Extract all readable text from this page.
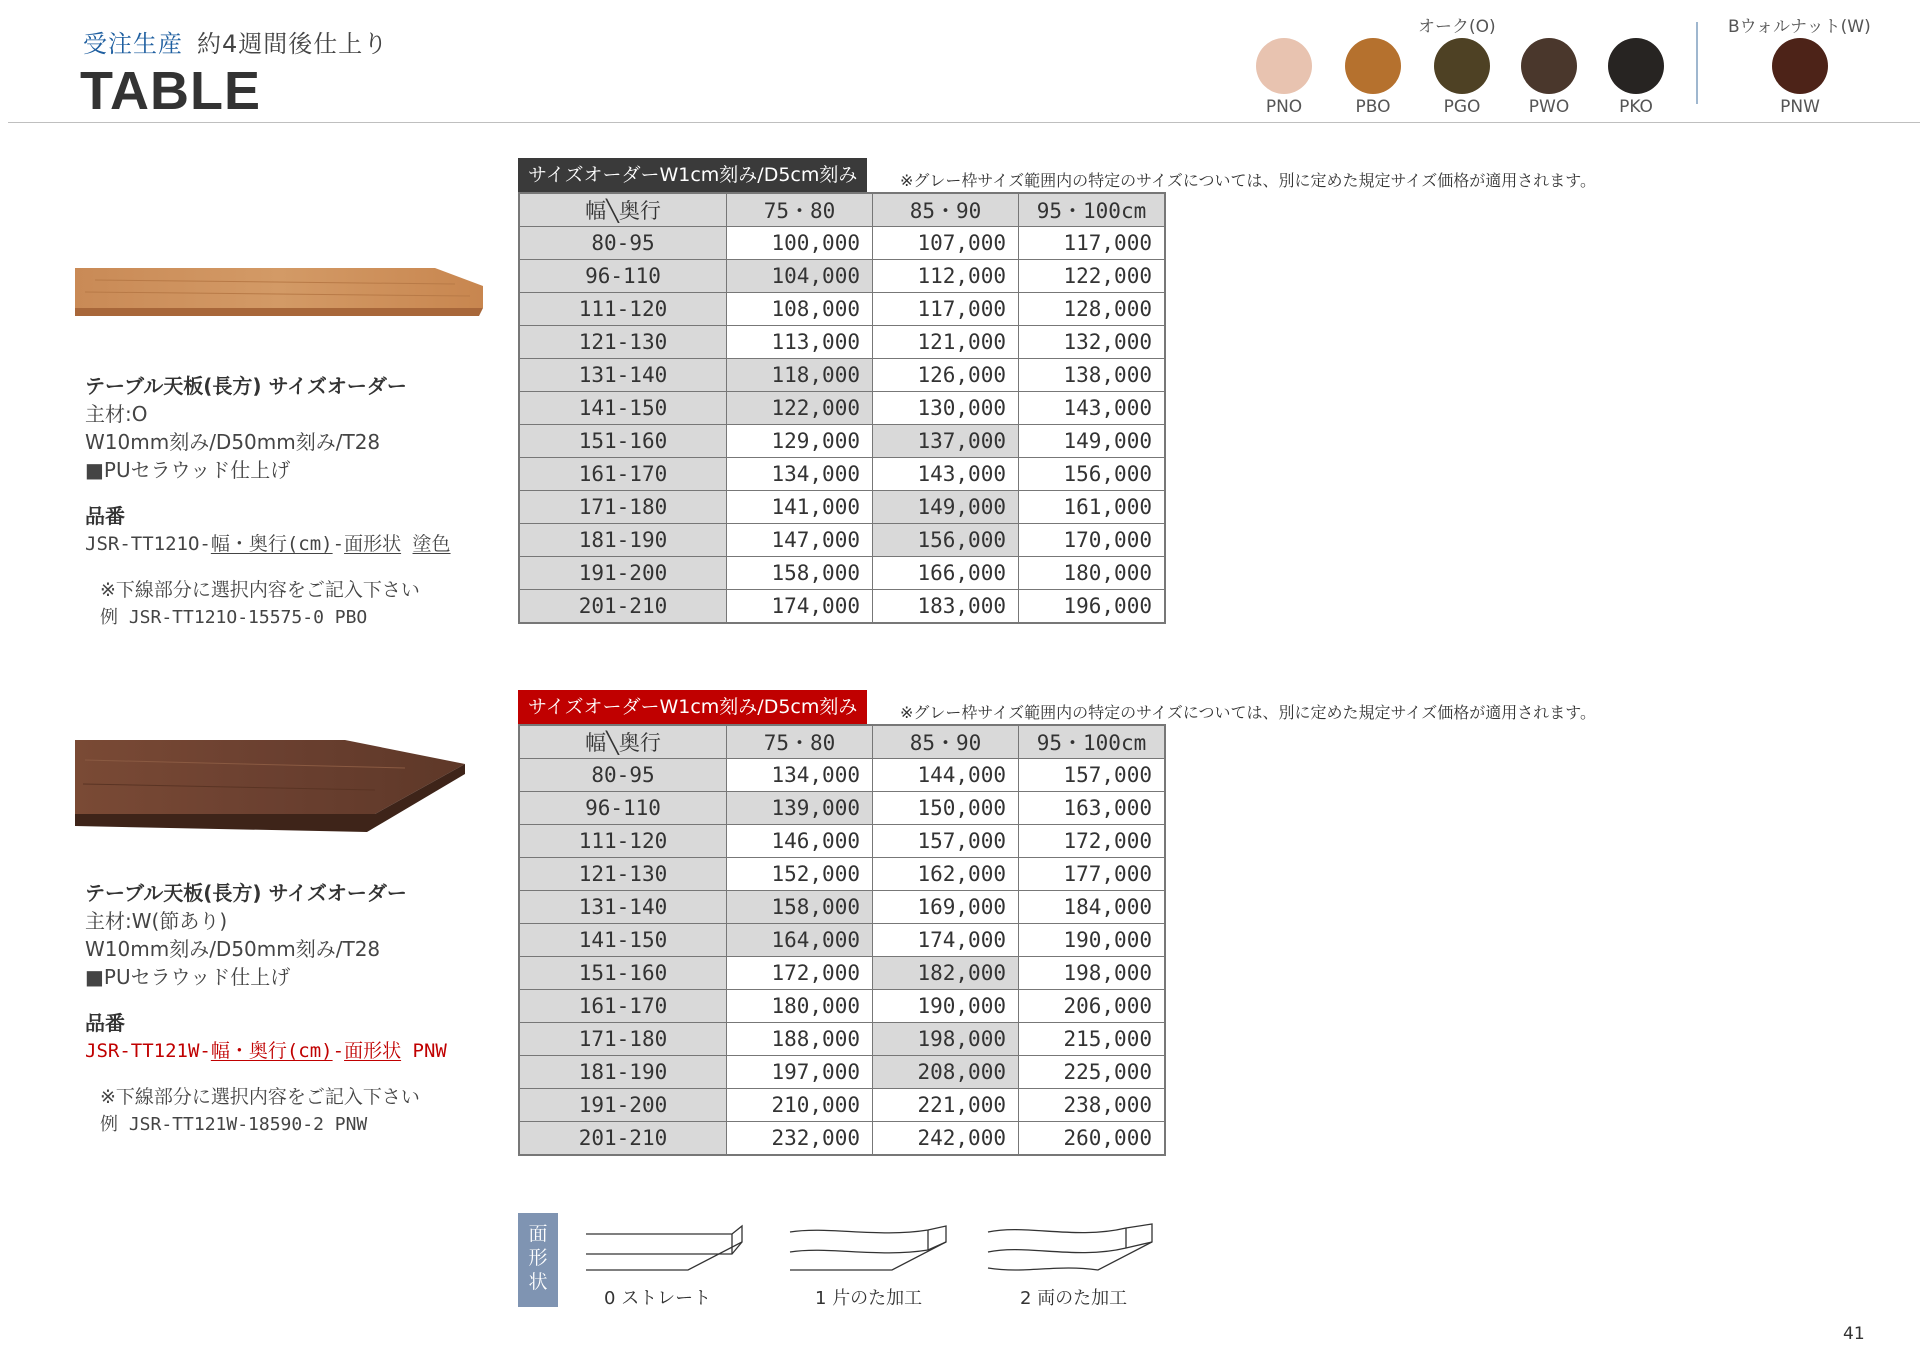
受注生産 約4週間後仕上り
TABLE
オーク(O)	Bウォルナット(W)
PNO	PBO	PGO	PWO	PKO	PNW
テーブル天板(長方) サイズオーダー
主材:O
W10mm刻み/D50mm刻み/T28
■PUセラウッド仕上げ
品番
JSR-TT121O-幅・奥行(cm)-面形状 塗色
※下線部分に選択内容をご記入下さい
例 JSR-TT121O-15575-0 PBO
サイズオーダーW1cm刻み/D5cm刻み	※グレー枠サイズ範囲内の特定のサイズについては、別に定めた規定サイズ価格が適用されます。
幅╲奥行	75・80	85・90	95・100cm
80-95	100,000	107,000	117,000
96-110	104,000	112,000	122,000
111-120	108,000	117,000	128,000
121-130	113,000	121,000	132,000
131-140	118,000	126,000	138,000
141-150	122,000	130,000	143,000
151-160	129,000	137,000	149,000
161-170	134,000	143,000	156,000
171-180	141,000	149,000	161,000
181-190	147,000	156,000	170,000
191-200	158,000	166,000	180,000
201-210	174,000	183,000	196,000
テーブル天板(長方) サイズオーダー
主材:W(節あり)
W10mm刻み/D50mm刻み/T28
■PUセラウッド仕上げ
品番
JSR-TT121W-幅・奥行(cm)-面形状 PNW
※下線部分に選択内容をご記入下さい
例 JSR-TT121W-18590-2 PNW
サイズオーダーW1cm刻み/D5cm刻み	※グレー枠サイズ範囲内の特定のサイズについては、別に定めた規定サイズ価格が適用されます。
幅╲奥行	75・80	85・90	95・100cm
80-95	134,000	144,000	157,000
96-110	139,000	150,000	163,000
111-120	146,000	157,000	172,000
121-130	152,000	162,000	177,000
131-140	158,000	169,000	184,000
141-150	164,000	174,000	190,000
151-160	172,000	182,000	198,000
161-170	180,000	190,000	206,000
171-180	188,000	198,000	215,000
181-190	197,000	208,000	225,000
191-200	210,000	221,000	238,000
201-210	232,000	242,000	260,000
面
形
状
0 ストレート	1 片のた加工	2 両のた加工
41
